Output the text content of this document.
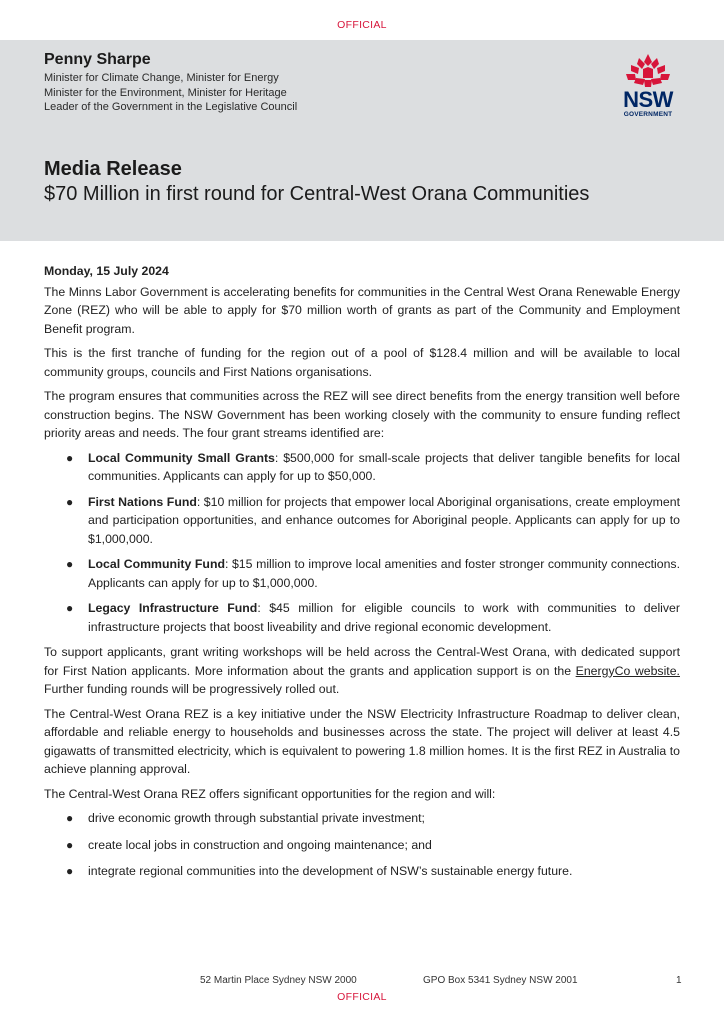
OFFICIAL
Penny Sharpe
Minister for Climate Change, Minister for Energy
Minister for the Environment, Minister for Heritage
Leader of the Government in the Legislative Council	NSW
GOVERNMENT
Media Release
$70 Million in first round for Central-West Orana Communities

Monday, 15 July 2024

The Minns Labor Government is accelerating benefits for communities in the Central West Orana Renewable Energy Zone (REZ) who will be able to apply for $70 million worth of grants as part of the Community and Employment Benefit program.

This is the first tranche of funding for the region out of a pool of $128.4 million and will be available to local community groups, councils and First Nations organisations.

The program ensures that communities across the REZ will see direct benefits from the energy transition well before construction begins. The NSW Government has been working closely with the community to ensure funding reflect priority areas and needs. The four grant streams identified are:

● Local Community Small Grants: $500,000 for small-scale projects that deliver tangible benefits for local communities. Applicants can apply for up to $50,000.
● First Nations Fund: $10 million for projects that empower local Aboriginal organisations, create employment and participation opportunities, and enhance outcomes for Aboriginal people. Applicants can apply for up to $1,000,000.
● Local Community Fund: $15 million to improve local amenities and foster stronger community connections. Applicants can apply for up to $1,000,000.
● Legacy Infrastructure Fund: $45 million for eligible councils to work with communities to deliver infrastructure projects that boost liveability and drive regional economic development.

To support applicants, grant writing workshops will be held across the Central-West Orana, with dedicated support for First Nation applicants. More information about the grants and application support is on the EnergyCo website. Further funding rounds will be progressively rolled out.

The Central-West Orana REZ is a key initiative under the NSW Electricity Infrastructure Roadmap to deliver clean, affordable and reliable energy to households and businesses across the state. The project will deliver at least 4.5 gigawatts of transmitted electricity, which is equivalent to powering 1.8 million homes. It is the first REZ in Australia to achieve planning approval.

The Central-West Orana REZ offers significant opportunities for the region and will:

● drive economic growth through substantial private investment;
● create local jobs in construction and ongoing maintenance; and
● integrate regional communities into the development of NSW’s sustainable energy future.
52 Martin Place Sydney NSW 2000	GPO Box 5341 Sydney NSW 2001	1
OFFICIAL
